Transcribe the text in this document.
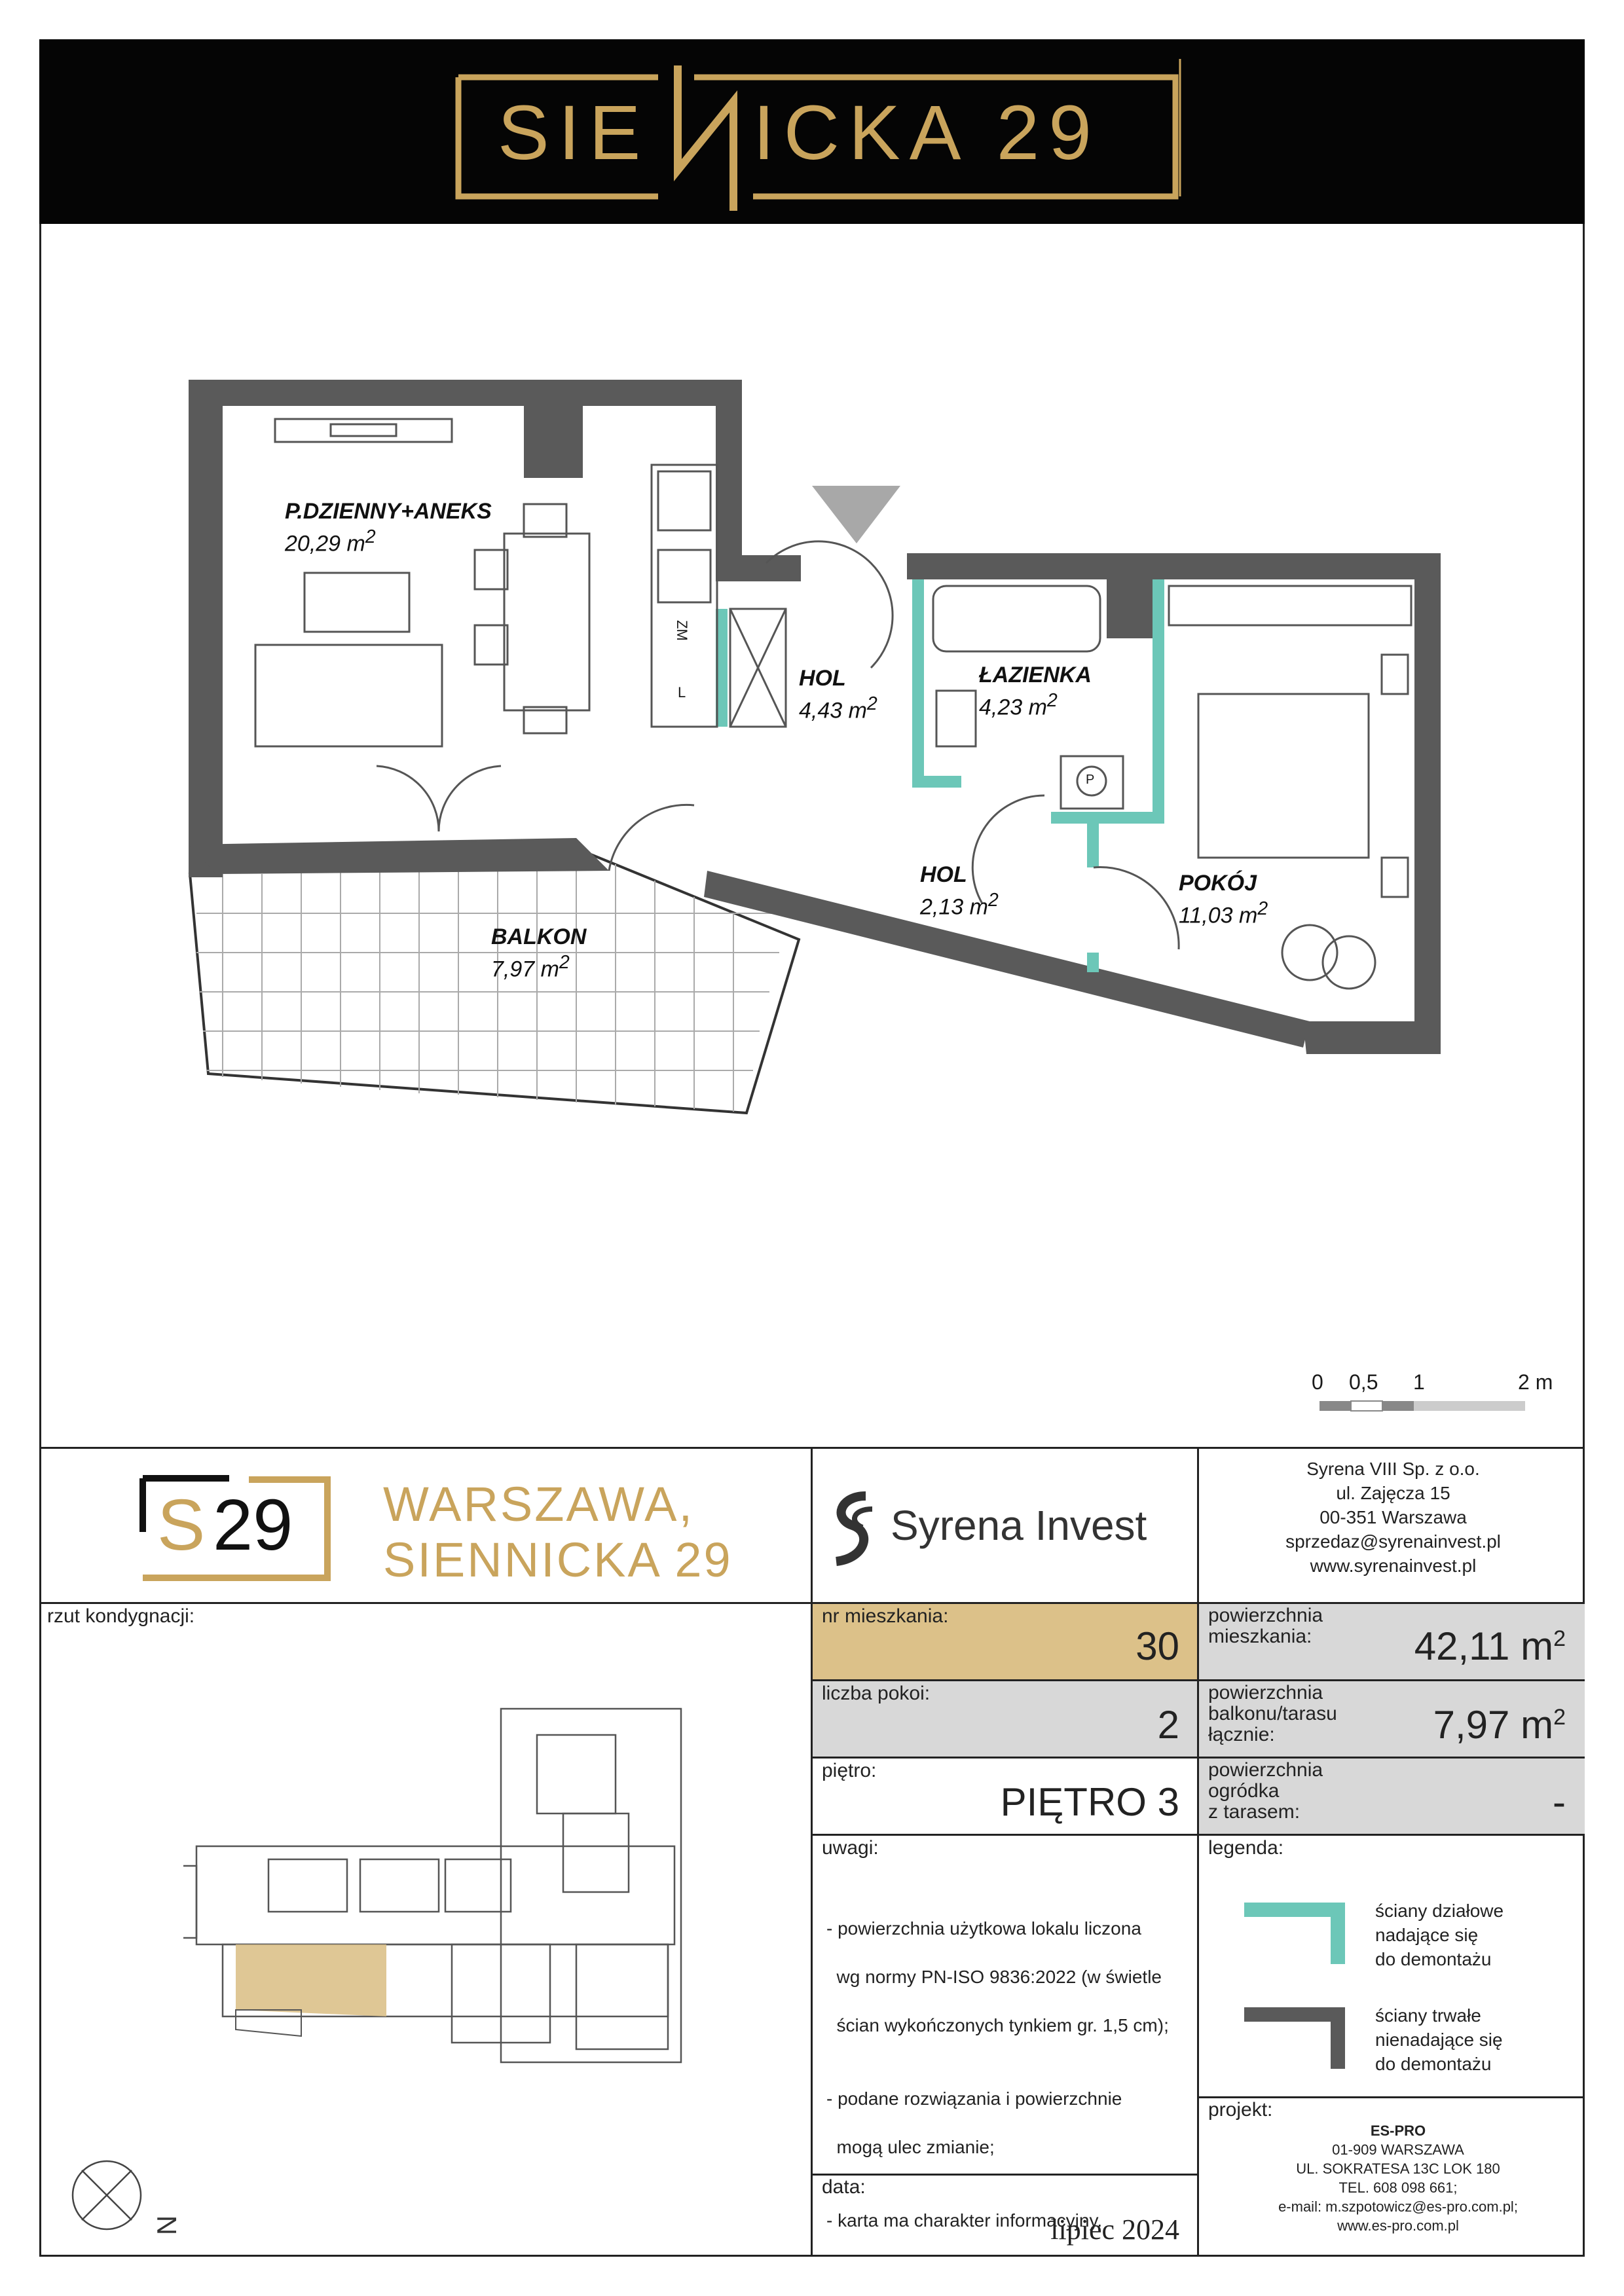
SIE ICKA 29
P.DZIENNY+ANEKS
20,29 $m^2$
HOL
4,43 $m^2$
ŁAZIENKA
4,23 $m^2$
HOL
2,13 $m^2$
POKÓJ
11,03 $m^2$
BALKON
7,97 $m^2$
ZM
L
P
0 0,5 1	2 m
S 29 WARSZAWA,
SIENNICKA 29
Syrena Invest
Syrena VIII Sp. z o.o.
ul. Zajęcza 15
00-351 Warszawa
sprzedaz@syrenainvest.pl
www.syrenainvest.pl
rzut kondygnacji:	nr mieszkania:
30
liczba pokoi:
2
piętro:
PIĘTRO 3
powierzchnia
mieszkania:	42,11 $m^2$
powierzchnia
balkonu/tarasu
łącznie:	7,97 $m^2$
powierzchnia
ogródka
z tarasem:	-
uwagi:

- powierzchnia użytkowa lokalu liczona

wg normy PN-ISO 9836:2022 (w świetle

ścian wykończonych tynkiem gr. 1,5 cm);

- podane rozwiązania i powierzchnie

mogą ulec zmianie;

- karta ma charakter informacyjny.

legenda:
ściany działowe
nadające się
do demontażu
ściany trwałe
nienadające się
do demontażu
projekt:
ES-PRO
01-909 WARSZAWA
UL. SOKRATESA 13C LOK 180
TEL. 608 098 661;
e-mail: m.szpotowicz@es-pro.com.pl;
www.es-pro.com.pl
data:
lipiec 2024
N
